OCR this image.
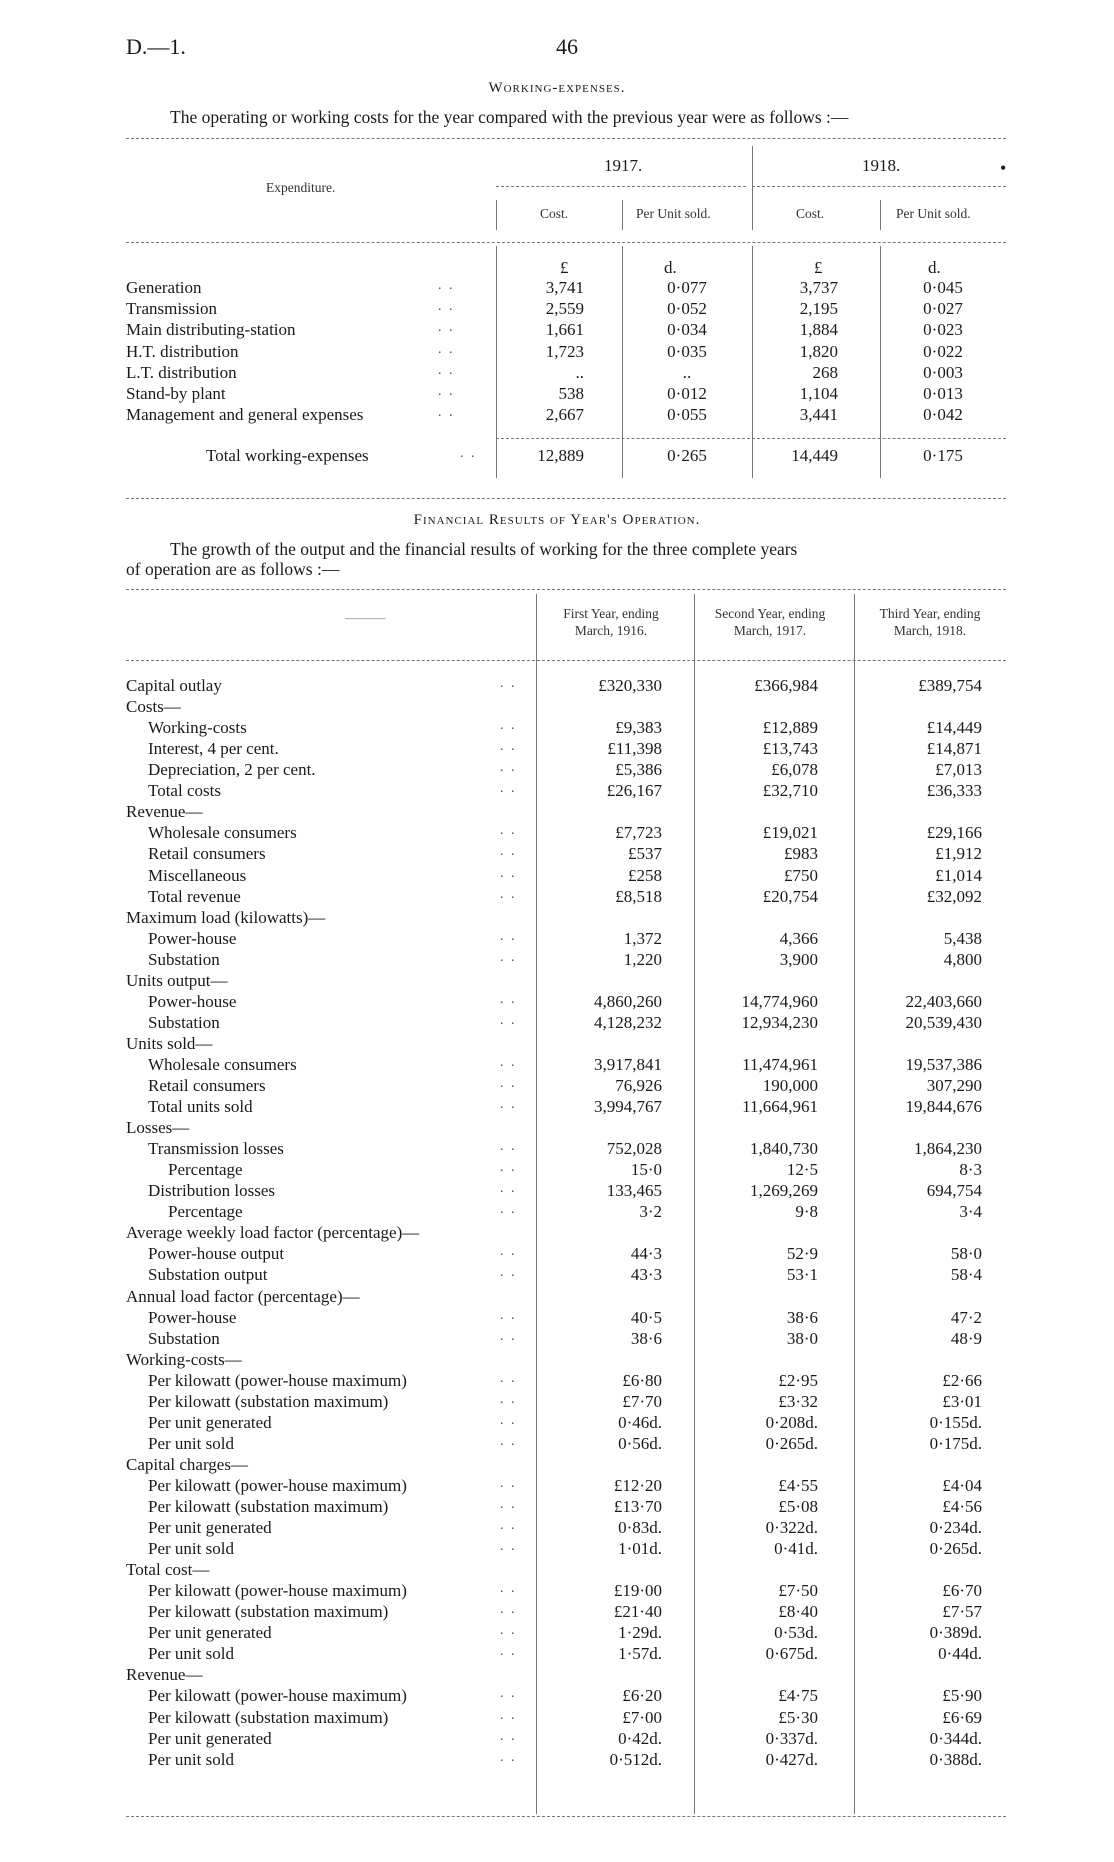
D.—1.	46
Working-expenses.
The operating or working costs for the year compared with the previous year were as follows :—
Expenditure.
1917.	1918.	•
Cost.	Per Unit sold.	Cost.	Per Unit sold.
£	d.	£	d.
Generation	. .	3,741	0·077	3,737	0·045
Transmission	. .	2,559	0·052	2,195	0·027
Main distributing-station	. .	1,661	0·034	1,884	0·023
H.T. distribution	. .	1,723	0·035	1,820	0·022
L.T. distribution	. .	..	..	268	0·003
Stand-by plant	. .	538	0·012	1,104	0·013
Management and general expenses	. .	2,667	0·055	3,441	0·042
Total working-expenses	. .	12,889	0·265	14,449	0·175
Financial Results of Year's Operation.
The growth of the output and the financial results of working for the three complete years
of operation are as follows :—
———	First Year, ending
March, 1916.
Second Year, ending
March, 1917.
Third Year, ending
March, 1918.
Capital outlay	. .	£320,330	£366,984	£389,754
Costs—
Working-costs	. .	£9,383	£12,889	£14,449
Interest, 4 per cent.	. .	£11,398	£13,743	£14,871
Depreciation, 2 per cent.	. .	£5,386	£6,078	£7,013
Total costs	. .	£26,167	£32,710	£36,333
Revenue—
Wholesale consumers	. .	£7,723	£19,021	£29,166
Retail consumers	. .	£537	£983	£1,912
Miscellaneous	. .	£258	£750	£1,014
Total revenue	. .	£8,518	£20,754	£32,092
Maximum load (kilowatts)—
Power-house	. .	1,372	4,366	5,438
Substation	. .	1,220	3,900	4,800
Units output—
Power-house	. .	4,860,260	14,774,960	22,403,660
Substation	. .	4,128,232	12,934,230	20,539,430
Units sold—
Wholesale consumers	. .	3,917,841	11,474,961	19,537,386
Retail consumers	. .	76,926	190,000	307,290
Total units sold	. .	3,994,767	11,664,961	19,844,676
Losses—
Transmission losses	. .	752,028	1,840,730	1,864,230
Percentage	. .	15·0	12·5	8·3
Distribution losses	. .	133,465	1,269,269	694,754
Percentage	. .	3·2	9·8	3·4
Average weekly load factor (percentage)—
Power-house output	. .	44·3	52·9	58·0
Substation output	. .	43·3	53·1	58·4
Annual load factor (percentage)—
Power-house	. .	40·5	38·6	47·2
Substation	. .	38·6	38·0	48·9
Working-costs—
Per kilowatt (power-house maximum)	. .	£6·80	£2·95	£2·66
Per kilowatt (substation maximum)	. .	£7·70	£3·32	£3·01
Per unit generated	. .	0·46d.	0·208d.	0·155d.
Per unit sold	. .	0·56d.	0·265d.	0·175d.
Capital charges—
Per kilowatt (power-house maximum)	. .	£12·20	£4·55	£4·04
Per kilowatt (substation maximum)	. .	£13·70	£5·08	£4·56
Per unit generated	. .	0·83d.	0·322d.	0·234d.
Per unit sold	. .	1·01d.	0·41d.	0·265d.
Total cost—
Per kilowatt (power-house maximum)	. .	£19·00	£7·50	£6·70
Per kilowatt (substation maximum)	. .	£21·40	£8·40	£7·57
Per unit generated	. .	1·29d.	0·53d.	0·389d.
Per unit sold	. .	1·57d.	0·675d.	0·44d.
Revenue—
Per kilowatt (power-house maximum)	. .	£6·20	£4·75	£5·90
Per kilowatt (substation maximum)	. .	£7·00	£5·30	£6·69
Per unit generated	. .	0·42d.	0·337d.	0·344d.
Per unit sold	. .	0·512d.	0·427d.	0·388d.
